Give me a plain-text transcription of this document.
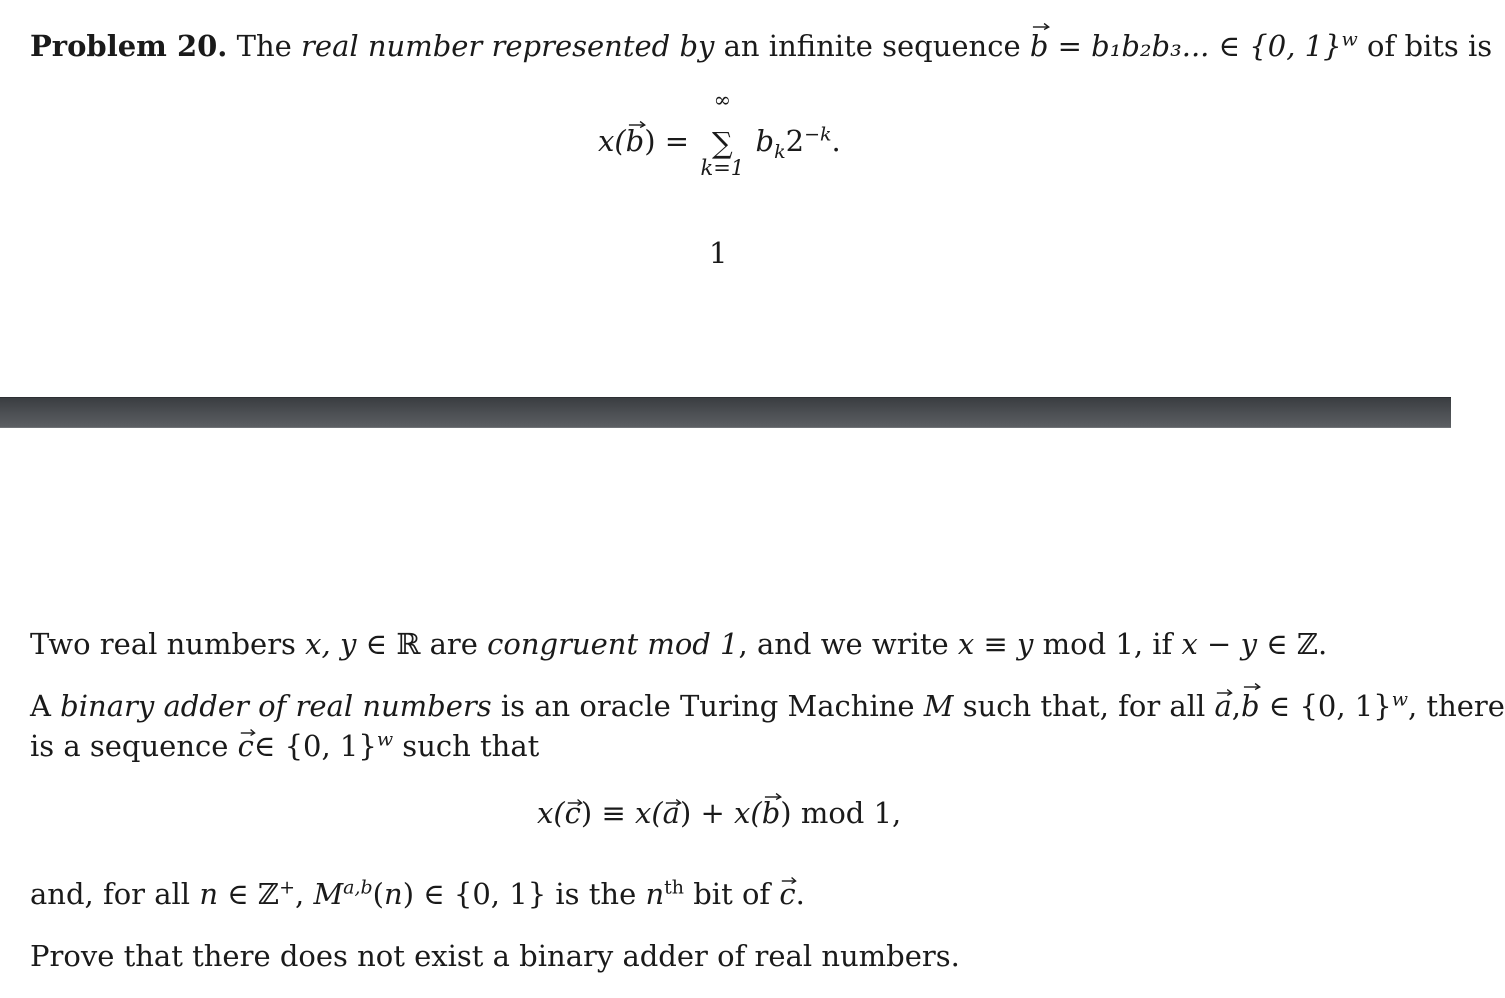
Problem 20. The real number represented by an infinite sequence b
= b₁b₂b₃... ∈ {0, 1}$^w$ of bits is
x(b
) =
∞
∑
k=1
$b_k2^{-k}$.
1
Two real numbers x, y ∈ ℝ are congruent mod 1, and we write x ≡ y mod 1, if x − y ∈ ℤ.
A binary adder of real numbers is an oracle Turing Machine M such that, for all a
,b
∈ {0, 1}$^w$, there
is a sequence c
∈ {0, 1}$^w$ such that
x(c
) ≡ x(a
) + x(b
) mod 1,
and, for all n ∈ ℤ+, M$^{a,b}$(n) ∈ {0, 1} is the $n^{th}$ bit of c
.
Prove that there does not exist a binary adder of real numbers.
